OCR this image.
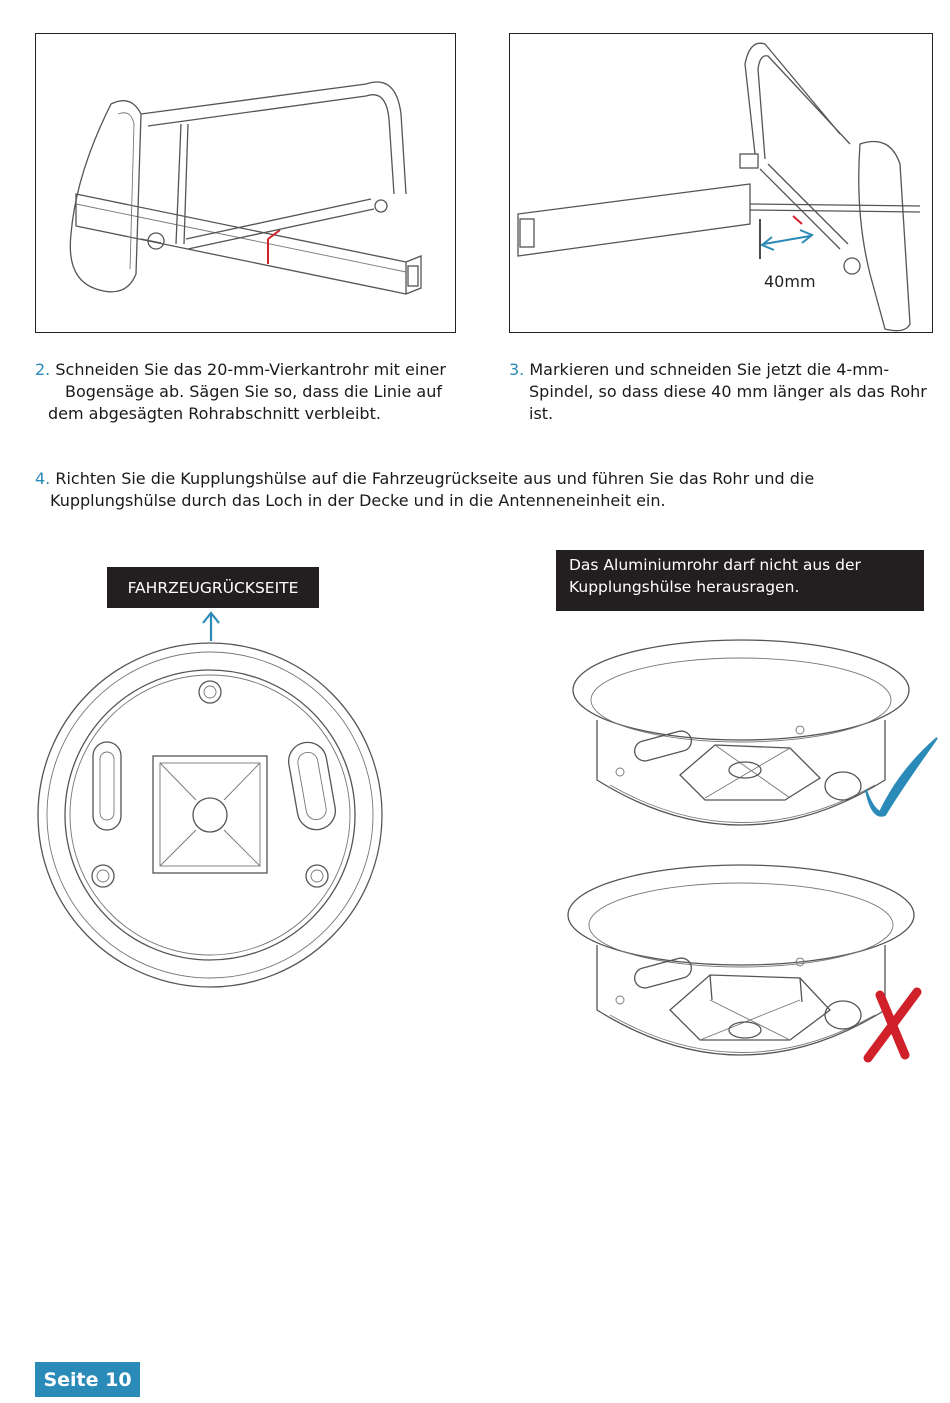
40mm
2. Schneiden Sie das 20-mm-Vierkantrohr mit einer
Bogensäge ab. Sägen Sie so, dass die Linie auf
dem abgesägten Rohrabschnitt verbleibt.
3. Markieren und schneiden Sie jetzt die 4-mm-
Spindel, so dass diese 40 mm länger als das Rohr
ist.
4. Richten Sie die Kupplungshülse auf die Fahrzeugrückseite aus und führen Sie das Rohr und die
Kupplungshülse durch das Loch in der Decke und in die Antenneneinheit ein.
FAHRZEUGRÜCKSEITE
Das Aluminiumrohr darf nicht aus der
Kupplungshülse herausragen.
Seite 10
